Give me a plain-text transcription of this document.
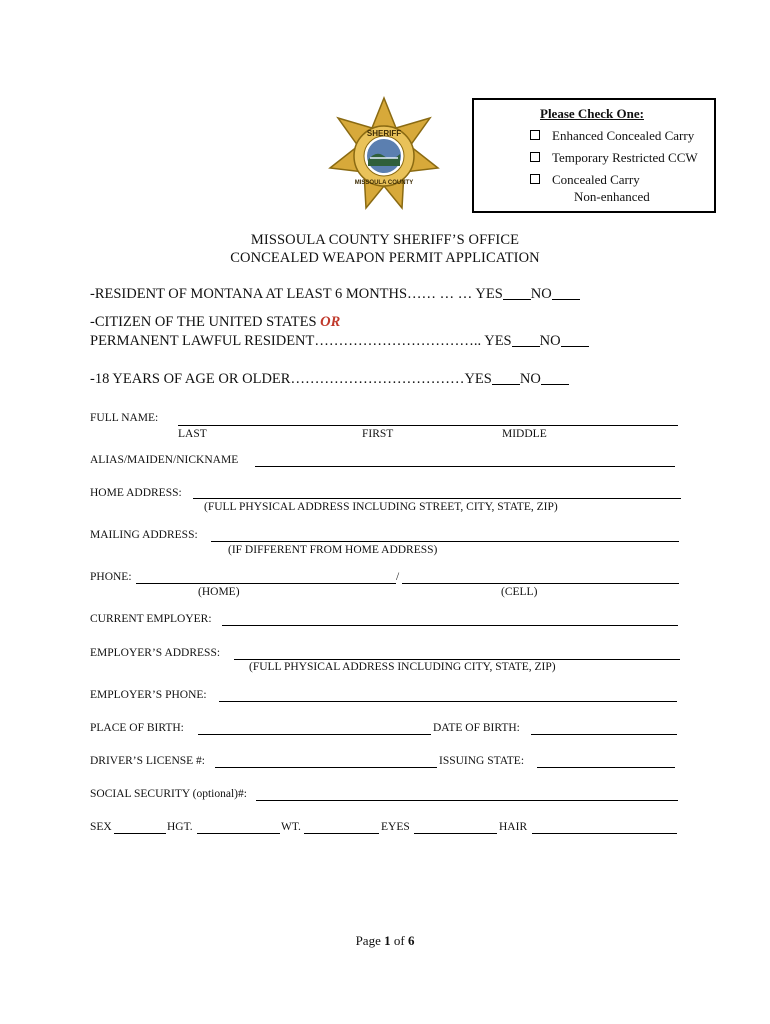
SHERIFF
MISSOULA COUNTY
Please Check One:
Enhanced Concealed Carry
Temporary Restricted CCW
Concealed Carry
Non-enhanced
MISSOULA COUNTY SHERIFF’S OFFICE
CONCEALED WEAPON PERMIT APPLICATION
-RESIDENT OF MONTANA AT LEAST 6 MONTHS…… … … YES NO
-CITIZEN OF THE UNITED STATES OR
PERMANENT LAWFUL RESIDENT…………………………….. YES NO
-18 YEARS OF AGE OR OLDER………………………………YES NO
FULL NAME:
LAST	FIRST	MIDDLE
ALIAS/MAIDEN/NICKNAME
HOME ADDRESS:
(FULL PHYSICAL ADDRESS INCLUDING STREET, CITY, STATE, ZIP)
MAILING ADDRESS:
(IF DIFFERENT FROM HOME ADDRESS)
PHONE:	/
(HOME)	(CELL)
CURRENT EMPLOYER:
EMPLOYER’S ADDRESS:
(FULL PHYSICAL ADDRESS INCLUDING CITY, STATE, ZIP)
EMPLOYER’S PHONE:
PLACE OF BIRTH:	DATE OF BIRTH:
DRIVER’S LICENSE #:	ISSUING STATE:
SOCIAL SECURITY (optional)#:
SEX	HGT.	WT.	EYES	HAIR
Page 1 of 6
